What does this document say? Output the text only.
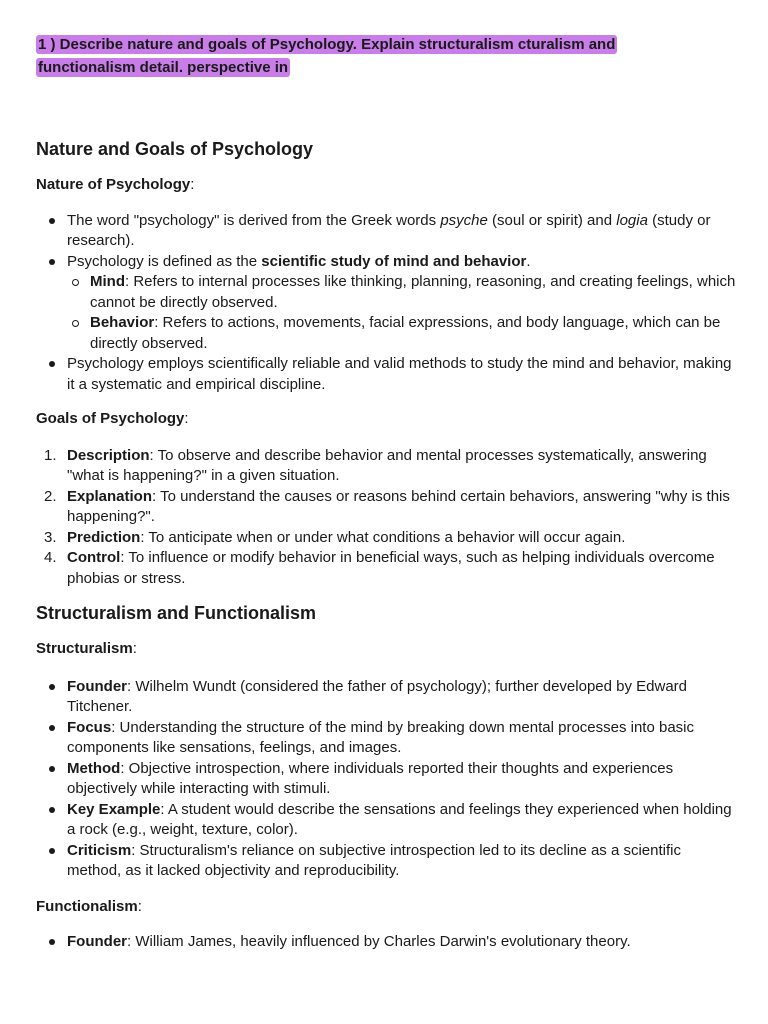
1 ) Describe nature and goals of Psychology. Explain structuralism cturalism and functionalism detail. perspective in
Nature and Goals of Psychology

Nature of Psychology:

The word "psychology" is derived from the Greek words psyche (soul or spirit) and logia (study or research).
Psychology is defined as the scientific study of mind and behavior.
Mind: Refers to internal processes like thinking, planning, reasoning, and creating feelings, which cannot be directly observed.
Behavior: Refers to actions, movements, facial expressions, and body language, which can be directly observed.
Psychology employs scientifically reliable and valid methods to study the mind and behavior, making it a systematic and empirical discipline.

Goals of Psychology:

1. Description: To observe and describe behavior and mental processes systematically, answering "what is happening?" in a given situation.
2. Explanation: To understand the causes or reasons behind certain behaviors, answering "why is this happening?".
3. Prediction: To anticipate when or under what conditions a behavior will occur again.
4. Control: To influence or modify behavior in beneficial ways, such as helping individuals overcome phobias or stress.
Structuralism and Functionalism

Structuralism:

Founder: Wilhelm Wundt (considered the father of psychology); further developed by Edward Titchener.
Focus: Understanding the structure of the mind by breaking down mental processes into basic components like sensations, feelings, and images.
Method: Objective introspection, where individuals reported their thoughts and experiences objectively while interacting with stimuli.
Key Example: A student would describe the sensations and feelings they experienced when holding a rock (e.g., weight, texture, color).
Criticism: Structuralism's reliance on subjective introspection led to its decline as a scientific method, as it lacked objectivity and reproducibility.

Functionalism:

Founder: William James, heavily influenced by Charles Darwin's evolutionary theory.
